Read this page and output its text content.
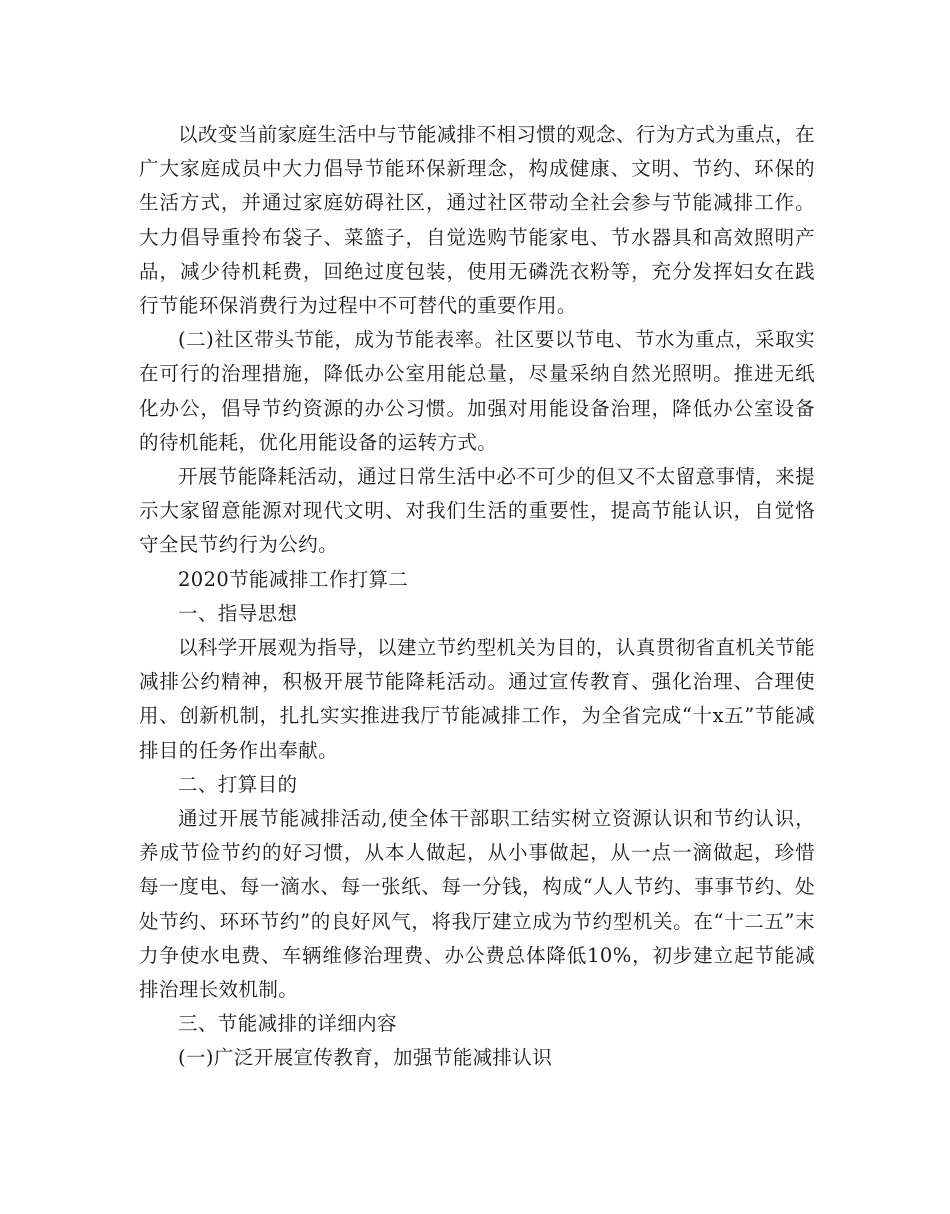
以改变当前家庭生活中与节能减排不相习惯的观念、行为方式为重点，在广大家庭成员中大力倡导节能环保新理念，构成健康、文明、节约、环保的生活方式，并通过家庭妨碍社区，通过社区带动全社会参与节能减排工作。大力倡导重拎布袋子、菜篮子，自觉选购节能家电、节水器具和高效照明产品，减少待机耗费，回绝过度包装，使用无磷洗衣粉等，充分发挥妇女在践行节能环保消费行为过程中不可替代的重要作用。

(二)社区带头节能，成为节能表率。社区要以节电、节水为重点，采取实在可行的治理措施，降低办公室用能总量，尽量采纳自然光照明。推进无纸化办公，倡导节约资源的办公习惯。加强对用能设备治理，降低办公室设备的待机能耗，优化用能设备的运转方式。

开展节能降耗活动，通过日常生活中必不可少的但又不太留意事情，来提示大家留意能源对现代文明、对我们生活的重要性，提高节能认识，自觉恪守全民节约行为公约。

2020节能减排工作打算二

一、指导思想

以科学开展观为指导，以建立节约型机关为目的，认真贯彻省直机关节能减排公约精神，积极开展节能降耗活动。通过宣传教育、强化治理、合理使用、创新机制，扎扎实实推进我厅节能减排工作，为全省完成“十x五”节能减排目的任务作出奉献。

二、打算目的

通过开展节能减排活动,使全体干部职工结实树立资源认识和节约认识，养成节俭节约的好习惯，从本人做起，从小事做起，从一点一滴做起，珍惜每一度电、每一滴水、每一张纸、每一分钱，构成“人人节约、事事节约、处处节约、环环节约”的良好风气，将我厅建立成为节约型机关。在“十二五”末力争使水电费、车辆维修治理费、办公费总体降低10%，初步建立起节能减排治理长效机制。

三、节能减排的详细内容

(一)广泛开展宣传教育，加强节能减排认识
